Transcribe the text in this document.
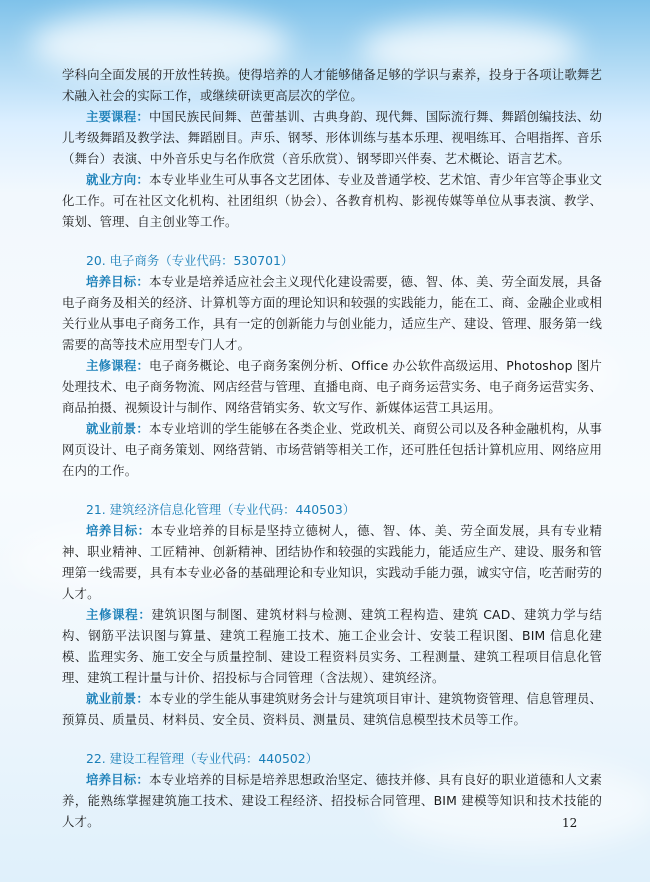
学科向全面发展的开放性转换。使得培养的人才能够储备足够的学识与素养，投身于各项让歌舞艺术融入社会的实际工作，或继续研读更高层次的学位。

主要课程：中国民族民间舞、芭蕾基训、古典身韵、现代舞、国际流行舞、舞蹈创编技法、幼儿考级舞蹈及教学法、舞蹈剧目。声乐、钢琴、形体训练与基本乐理、视唱练耳、合唱指挥、音乐（舞台）表演、中外音乐史与名作欣赏（音乐欣赏）、钢琴即兴伴奏、艺术概论、语言艺术。

就业方向：本专业毕业生可从事各文艺团体、专业及普通学校、艺术馆、青少年宫等企事业文化工作。可在社区文化机构、社团组织（协会）、各教育机构、影视传媒等单位从事表演、教学、策划、管理、自主创业等工作。

20. 电子商务（专业代码：530701）

培养目标：本专业是培养适应社会主义现代化建设需要，德、智、体、美、劳全面发展，具备电子商务及相关的经济、计算机等方面的理论知识和较强的实践能力，能在工、商、金融企业或相关行业从事电子商务工作，具有一定的创新能力与创业能力，适应生产、建设、管理、服务第一线需要的高等技术应用型专门人才。

主修课程：电子商务概论、电子商务案例分析、Office 办公软件高级运用、Photoshop 图片处理技术、电子商务物流、网店经营与管理、直播电商、电子商务运营实务、电子商务运营实务、商品拍摄、视频设计与制作、网络营销实务、软文写作、新媒体运营工具运用。

就业前景：本专业培训的学生能够在各类企业、党政机关、商贸公司以及各种金融机构，从事网页设计、电子商务策划、网络营销、市场营销等相关工作，还可胜任包括计算机应用、网络应用在内的工作。

21. 建筑经济信息化管理（专业代码：440503）

培养目标：本专业培养的目标是坚持立德树人，德、智、体、美、劳全面发展，具有专业精神、职业精神、工匠精神、创新精神、团结协作和较强的实践能力，能适应生产、建设、服务和管理第一线需要，具有本专业必备的基础理论和专业知识，实践动手能力强，诚实守信，吃苦耐劳的人才。

主修课程：建筑识图与制图、建筑材料与检测、建筑工程构造、建筑 CAD、建筑力学与结构、钢筋平法识图与算量、建筑工程施工技术、施工企业会计、安装工程识图、BIM 信息化建模、监理实务、施工安全与质量控制、建设工程资料员实务、工程测量、建筑工程项目信息化管理、建筑工程计量与计价、招投标与合同管理（含法规）、建筑经济。

就业前景：本专业的学生能从事建筑财务会计与建筑项目审计、建筑物资管理、信息管理员、预算员、质量员、材料员、安全员、资料员、测量员、建筑信息模型技术员等工作。

22. 建设工程管理（专业代码：440502）

培养目标：本专业培养的目标是培养思想政治坚定、德技并修、具有良好的职业道德和人文素养，能熟练掌握建筑施工技术、建设工程经济、招投标合同管理、BIM 建模等知识和技术技能的人才。	12
